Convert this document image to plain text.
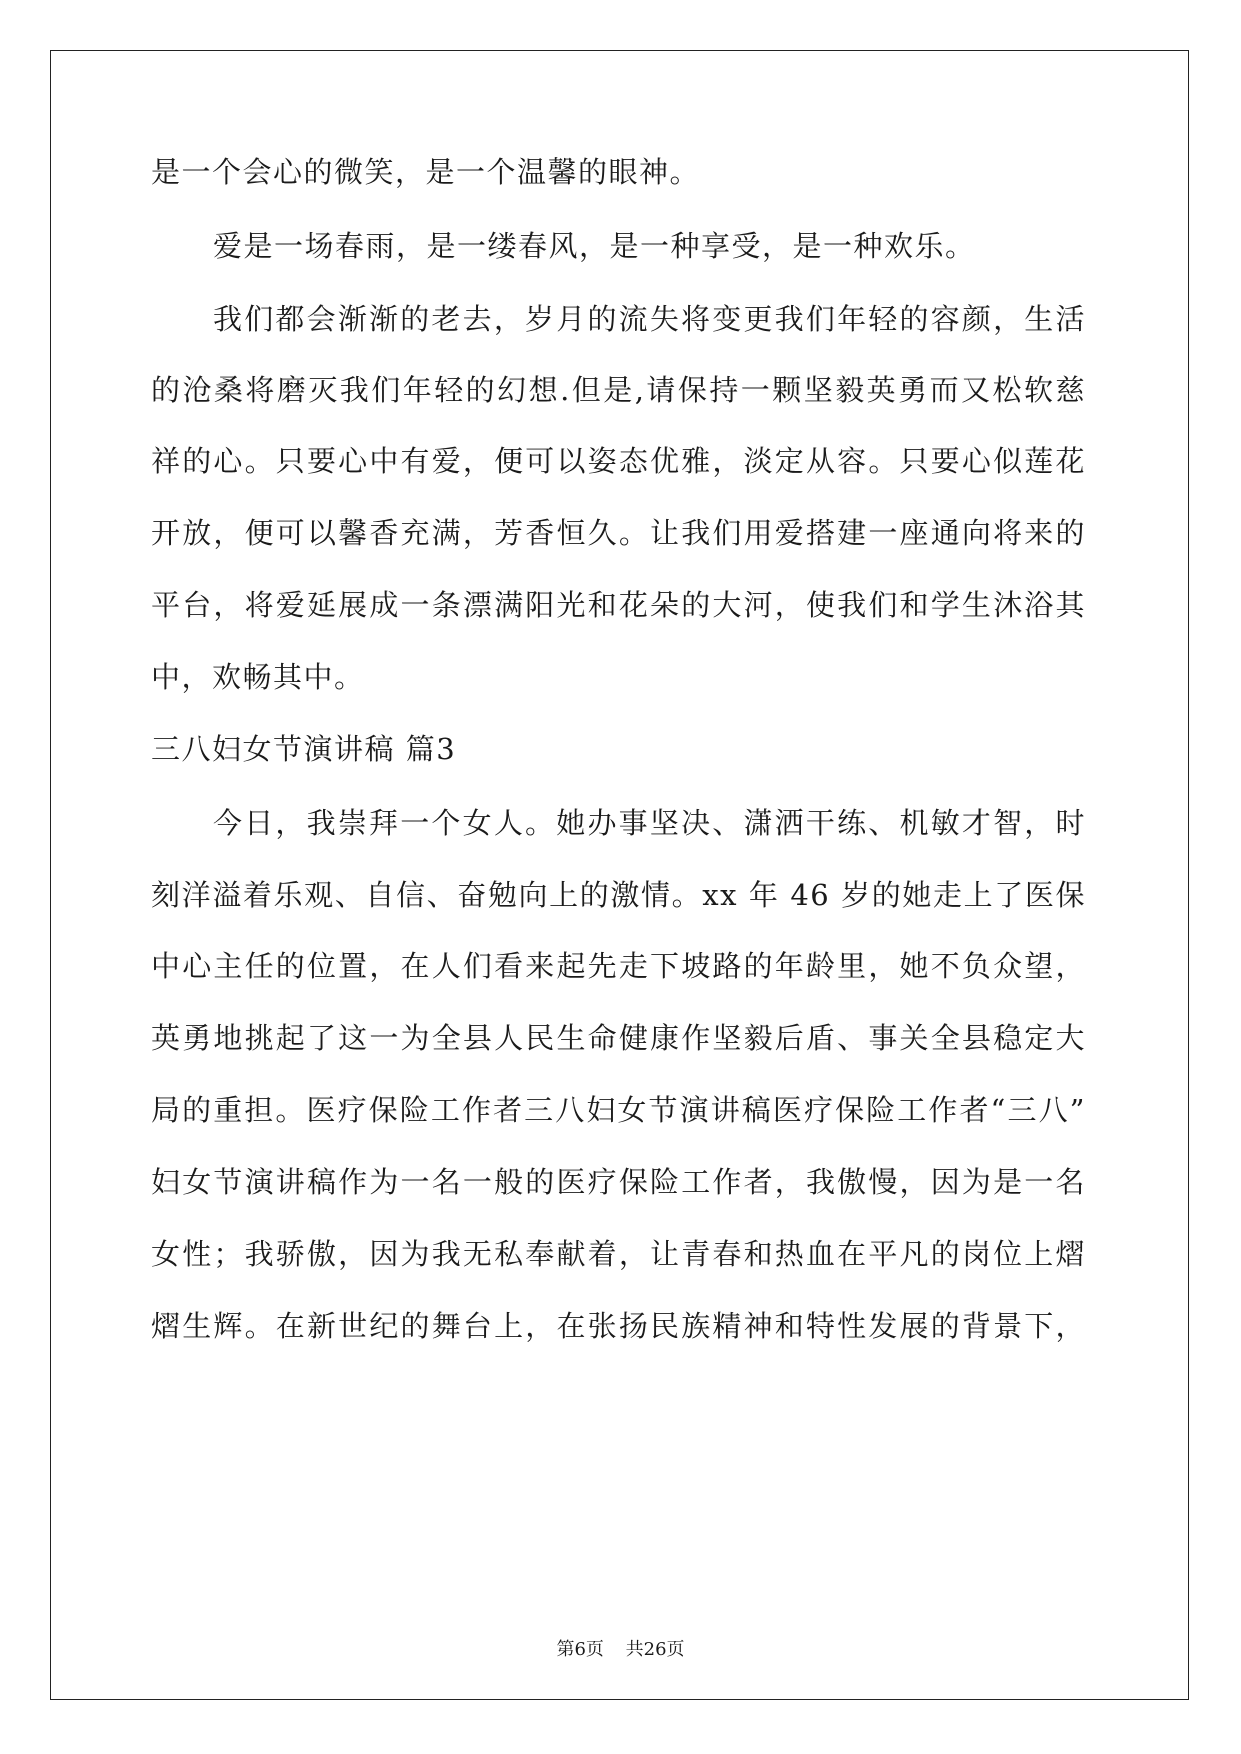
是一个会心的微笑，是一个温馨的眼神。
爱是一场春雨，是一缕春风，是一种享受，是一种欢乐。
我们都会渐渐的老去，岁月的流失将变更我们年轻的容颜，生活
的沧桑将磨灭我们年轻的幻想.但是,请保持一颗坚毅英勇而又松软慈
祥的心。只要心中有爱，便可以姿态优雅，淡定从容。只要心似莲花
开放，便可以馨香充满，芳香恒久。让我们用爱搭建一座通向将来的
平台，将爱延展成一条漂满阳光和花朵的大河，使我们和学生沐浴其
中，欢畅其中。
三八妇女节演讲稿 篇3
今日，我崇拜一个女人。她办事坚决、潇洒干练、机敏才智，时
刻洋溢着乐观、自信、奋勉向上的激情。xx 年 46 岁的她走上了医保
中心主任的位置，在人们看来起先走下坡路的年龄里，她不负众望，
英勇地挑起了这一为全县人民生命健康作坚毅后盾、事关全县稳定大
局的重担。医疗保险工作者三八妇女节演讲稿医疗保险工作者“三八”
妇女节演讲稿作为一名一般的医疗保险工作者，我傲慢，因为是一名
女性；我骄傲，因为我无私奉献着，让青春和热血在平凡的岗位上熠
熠生辉。在新世纪的舞台上，在张扬民族精神和特性发展的背景下，
第6页 共26页
